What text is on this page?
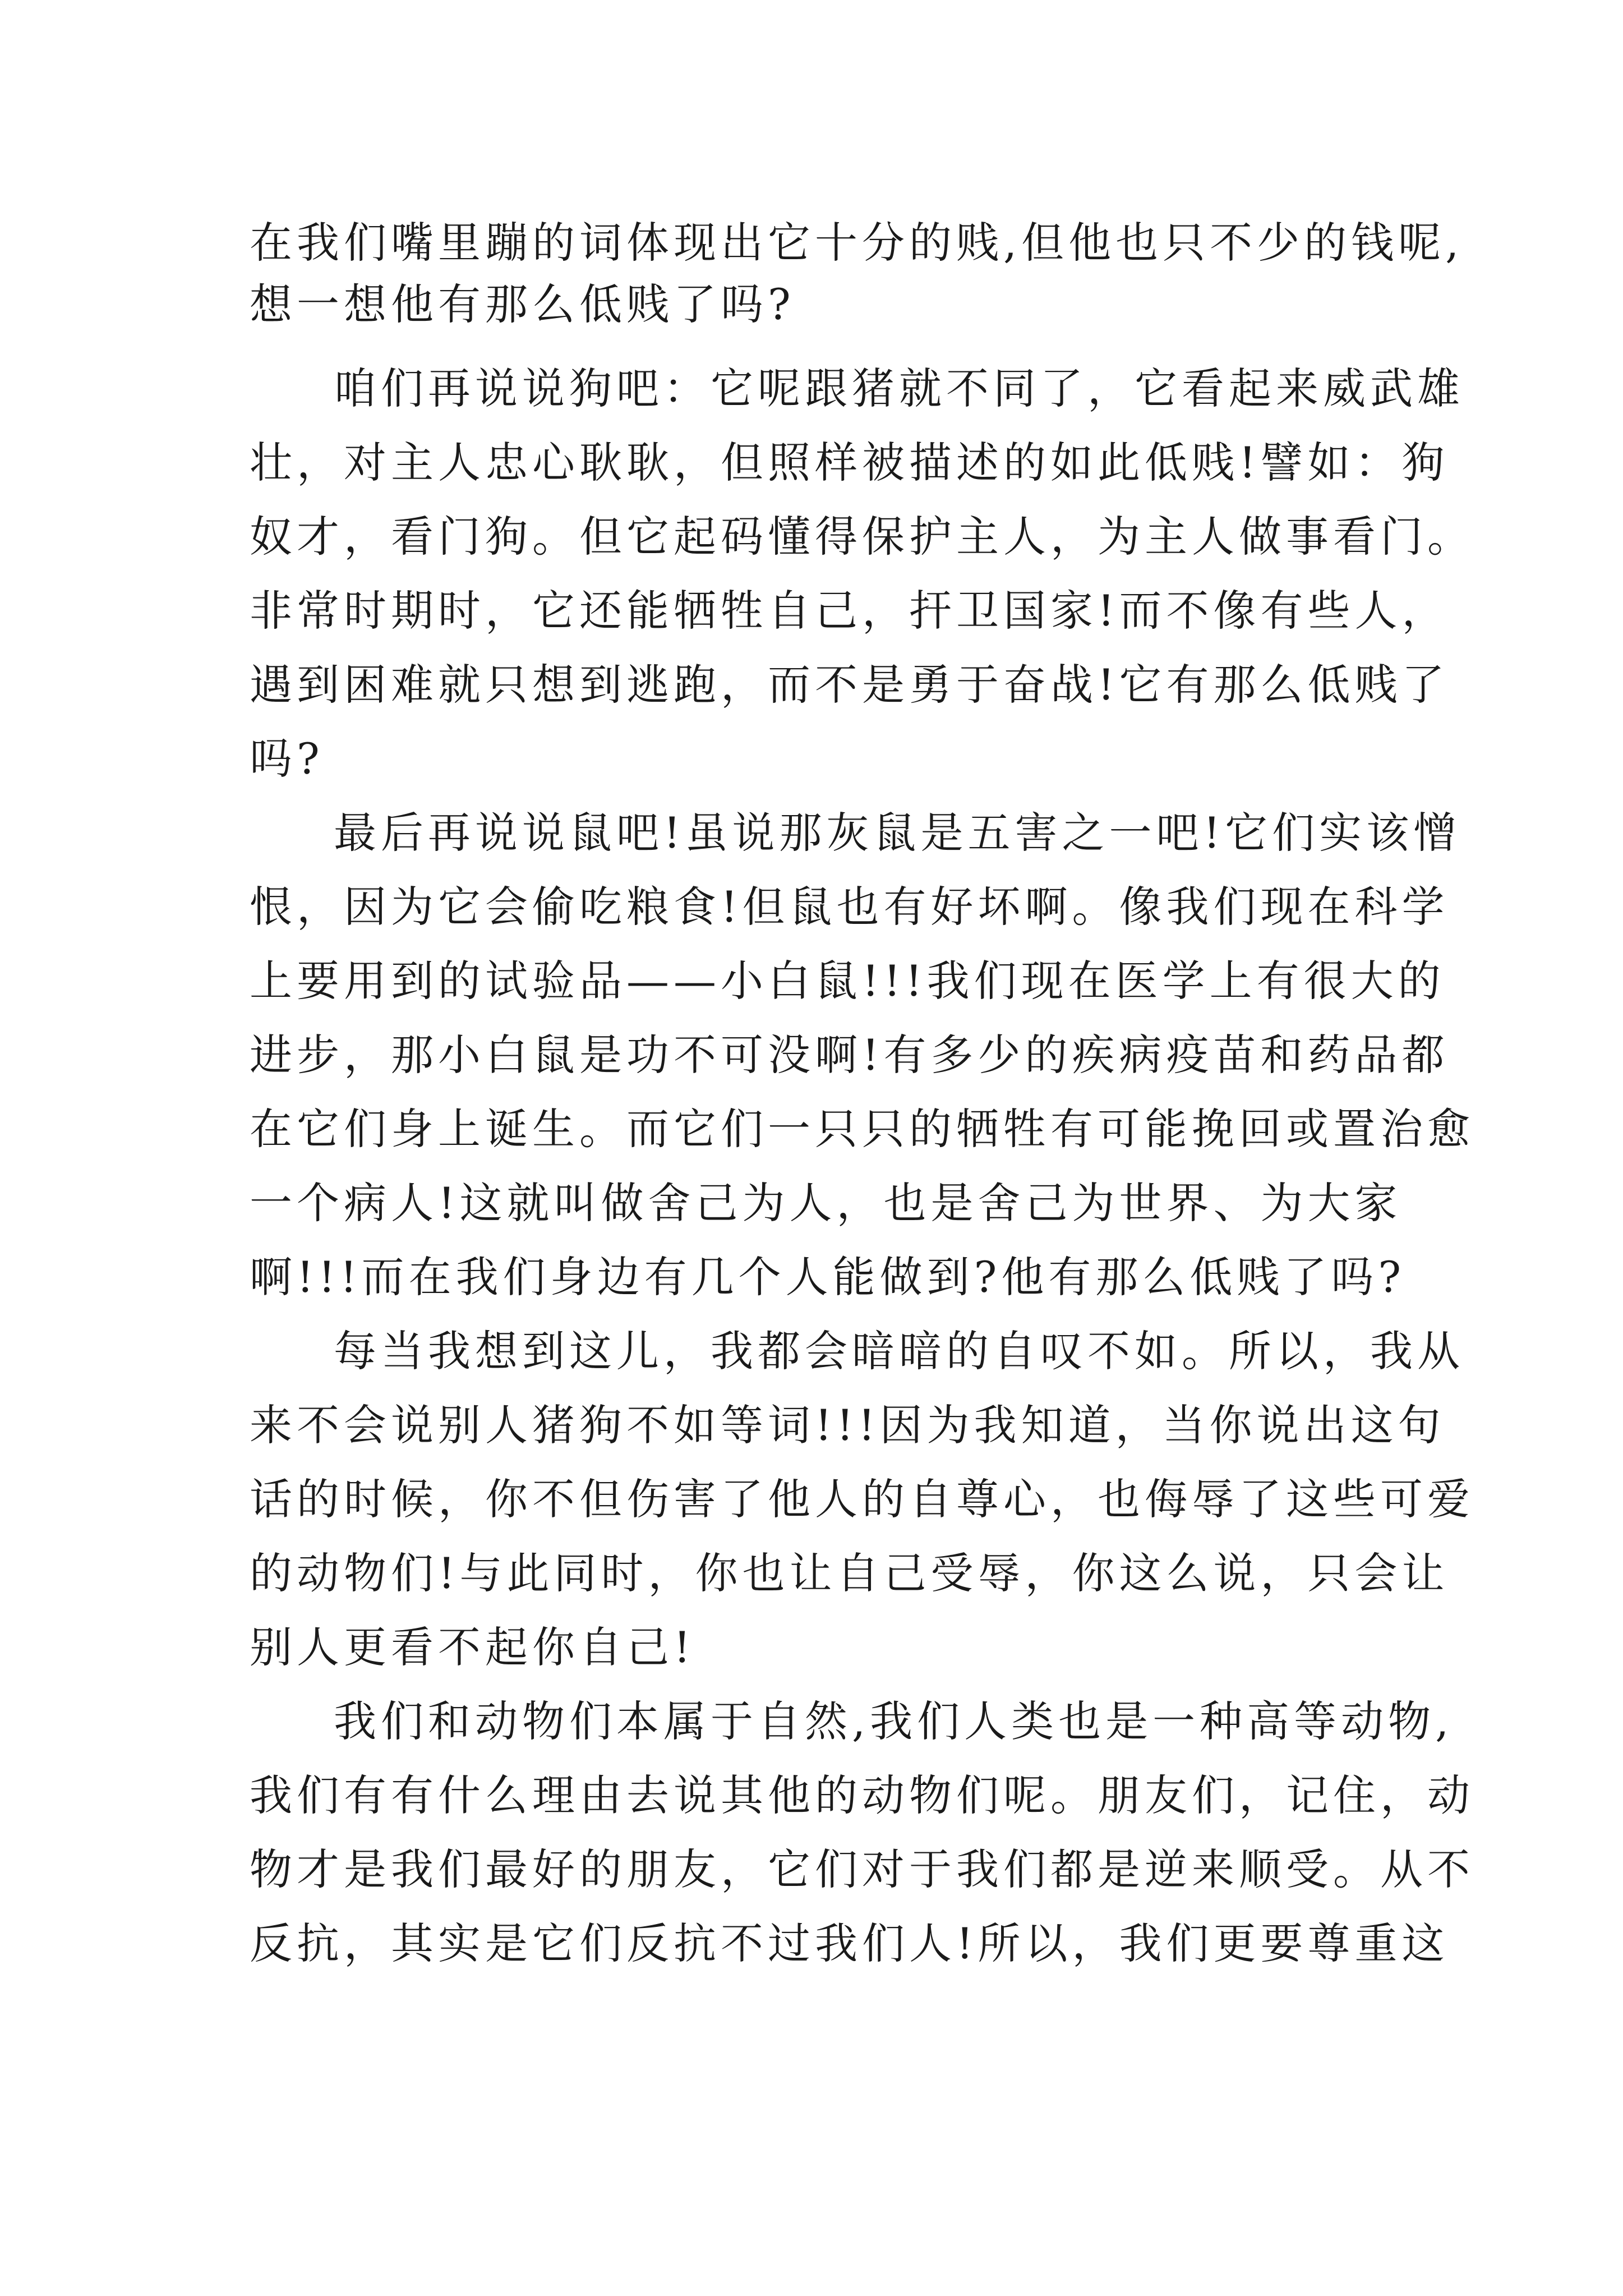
在我们嘴里蹦的词体现出它十分的贱,但他也只不少的钱呢,
想一想他有那么低贱了吗?
咱们再说说狗吧：它呢跟猪就不同了，它看起来威武雄
壮，对主人忠心耿耿，但照样被描述的如此低贱!譬如：狗
奴才，看门狗。但它起码懂得保护主人，为主人做事看门。
非常时期时，它还能牺牲自己，扞卫国家!而不像有些人，
遇到困难就只想到逃跑，而不是勇于奋战!它有那么低贱了
吗?
最后再说说鼠吧!虽说那灰鼠是五害之一吧!它们实该憎
恨，因为它会偷吃粮食!但鼠也有好坏啊。像我们现在科学
上要用到的试验品——小白鼠!!!我们现在医学上有很大的
进步，那小白鼠是功不可没啊!有多少的疾病疫苗和药品都
在它们身上诞生。而它们一只只的牺牲有可能挽回或置治愈
一个病人!这就叫做舍己为人，也是舍己为世界、为大家
啊!!!而在我们身边有几个人能做到?他有那么低贱了吗?
每当我想到这儿，我都会暗暗的自叹不如。所以，我从
来不会说别人猪狗不如等词!!!因为我知道，当你说出这句
话的时候，你不但伤害了他人的自尊心，也侮辱了这些可爱
的动物们!与此同时，你也让自己受辱，你这么说，只会让
别人更看不起你自己!
我们和动物们本属于自然,我们人类也是一种高等动物,
我们有有什么理由去说其他的动物们呢。朋友们，记住，动
物才是我们最好的朋友，它们对于我们都是逆来顺受。从不
反抗，其实是它们反抗不过我们人!所以，我们更要尊重这
